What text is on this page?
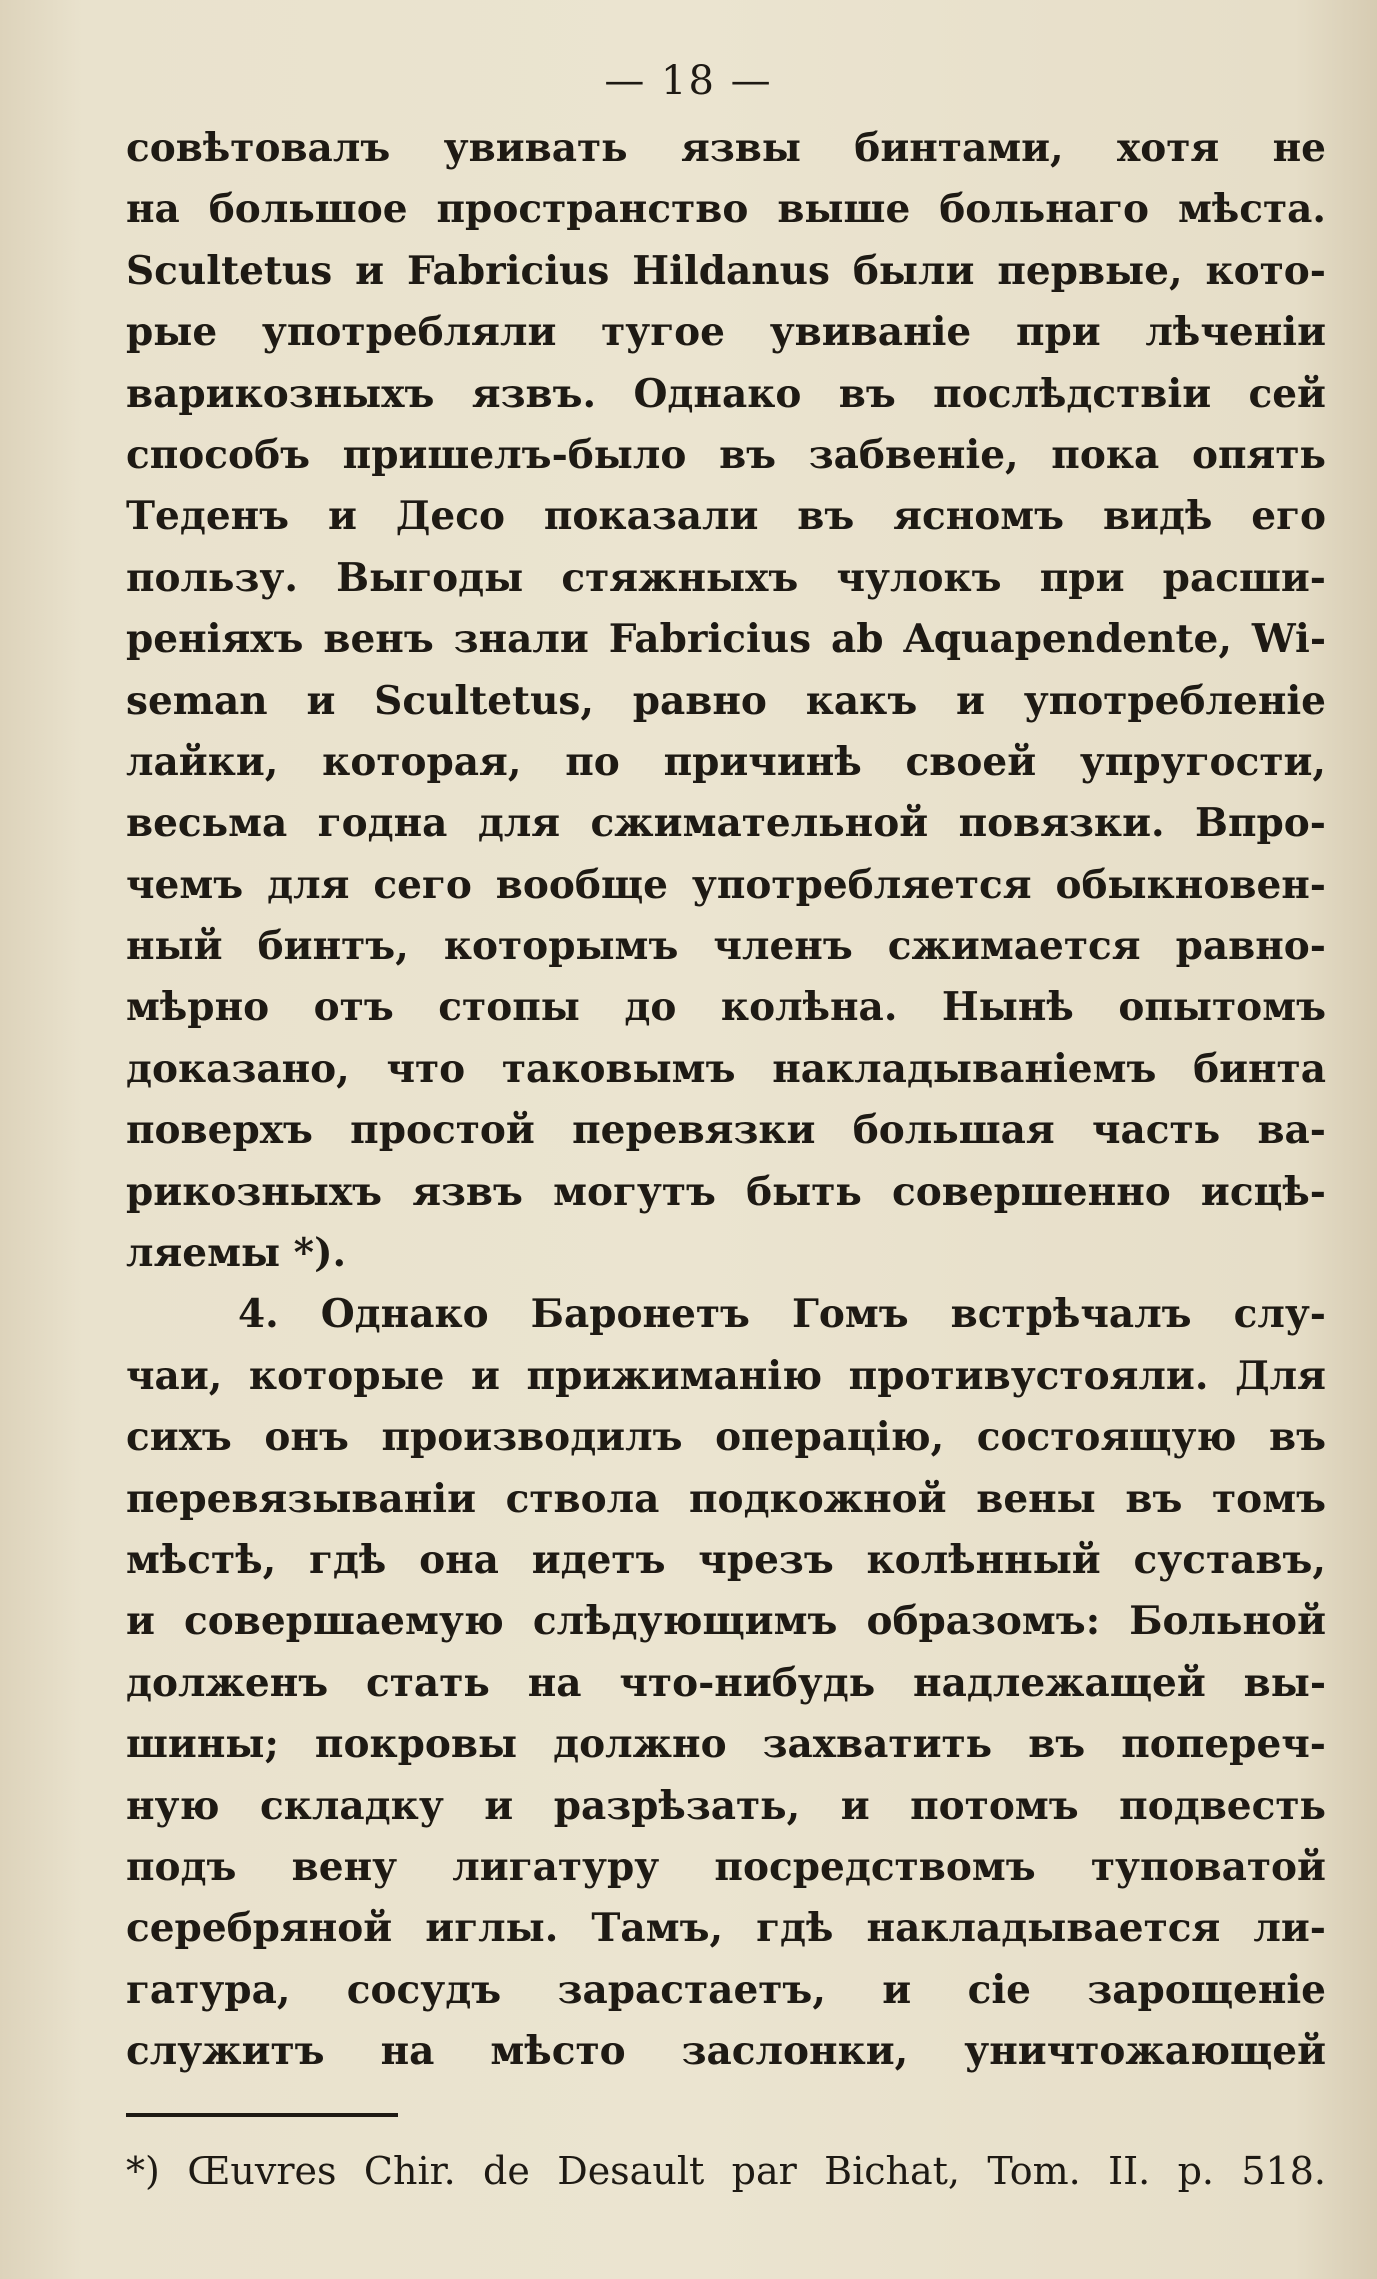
— 18 —
совѣтовалъ увивать язвы бинтами, хотя не
на большое пространство выше больнаго мѣста.
Scultetus и Fabricius Hildanus были первые, кото-
рые употребляли тугое увиванiе при лѣченiи
варикозныхъ язвъ. Однако въ послѣдствiи сей
способъ пришелъ-было въ забвенiе, пока опять
Теденъ и Десо показали въ ясномъ видѣ его
пользу. Выгоды стяжныхъ чулокъ при расши-
ренiяхъ венъ знали Fabricius ab Aquapendente, Wi-
seman и Scultetus, равно какъ и употребленiе
лайки, которая, по причинѣ своей упругости,
весьма годна для сжимательной повязки. Впро-
чемъ для сего вообще употребляется обыкновен-
ный бинтъ, которымъ членъ сжимается равно-
мѣрно отъ стопы до колѣна. Нынѣ опытомъ
доказано, что таковымъ накладыванiемъ бинта
поверхъ простой перевязки большая часть ва-
рикозныхъ язвъ могутъ быть совершенно исцѣ-
ляемы *).
4. Однако Баронетъ Гомъ встрѣчалъ слу-
чаи, которые и прижиманiю противустояли. Для
сихъ онъ производилъ операцiю, состоящую въ
перевязыванiи ствола подкожной вены въ томъ
мѣстѣ, гдѣ она идетъ чрезъ колѣнный суставъ,
и совершаемую слѣдующимъ образомъ: Больной
долженъ стать на что-нибудь надлежащей вы-
шины; покровы должно захватить въ попереч-
ную складку и разрѣзать, и потомъ подвесть
подъ вену лигатуру посредствомъ туповатой
серебряной иглы. Тамъ, гдѣ накладывается ли-
гатура, сосудъ зарастаетъ, и сiе зарощенiе
служитъ на мѣсто заслонки, уничтожающей
*) Œuvres Chir. de Desault par Bichat, Tom. II. p. 518.
